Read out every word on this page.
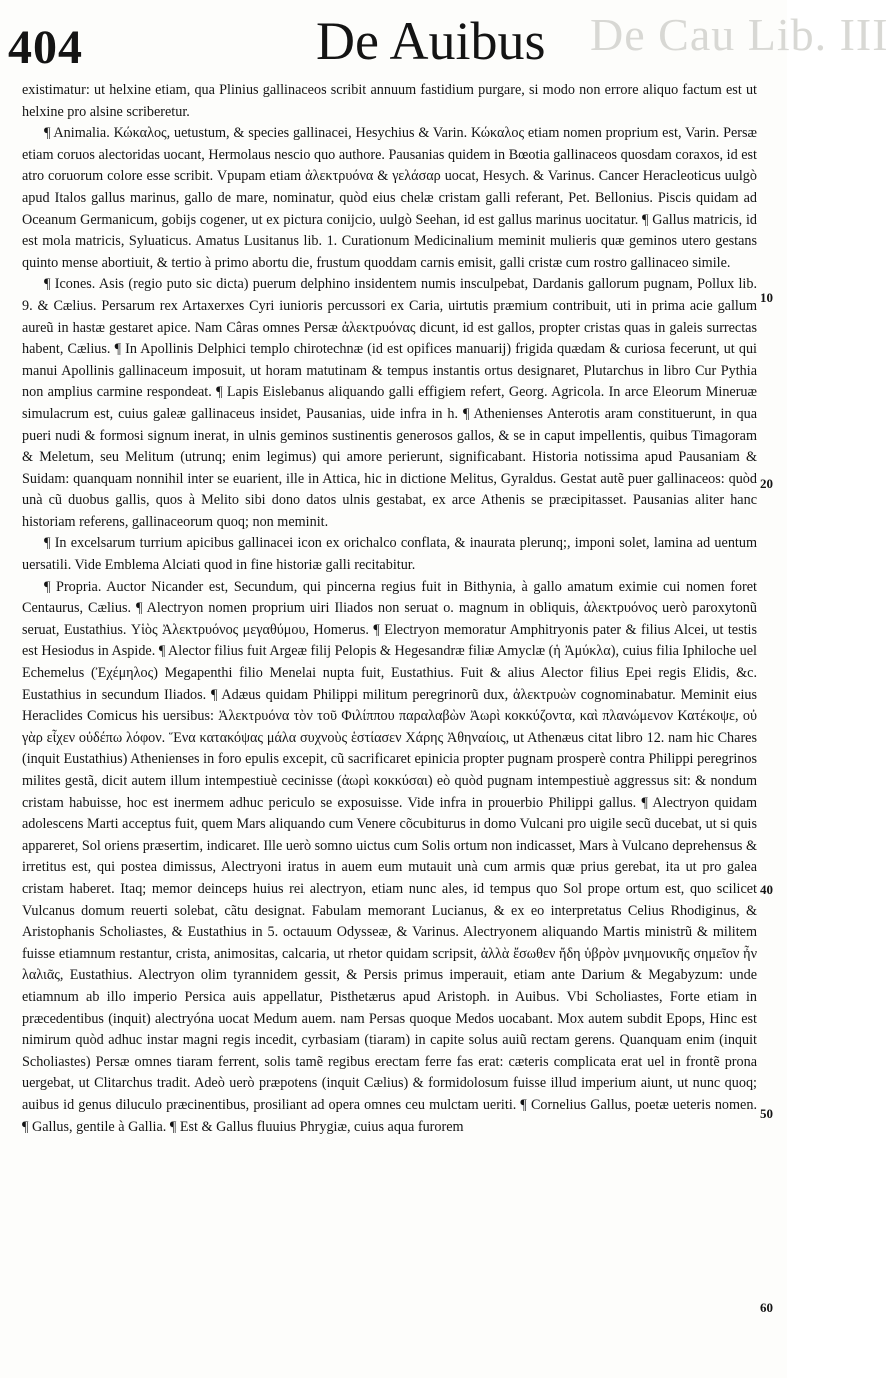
De Cau Lib. III
404	De Auibus

existimatur: ut helxine etiam, qua Plinius gallinaceos scribit annuum fastidium purgare, si modo non errore aliquo factum est ut helxine pro alsine scriberetur.

¶ Animalia. Κώκαλος, uetustum, & species gallinacei, Hesychius & Varin. Κώκαλος etiam nomen proprium est, Varin. Persæ etiam coruos alectoridas uocant, Hermolaus nescio quo authore. Pausanias quidem in Bœotia gallinaceos quosdam coraxos, id est atro coruorum colore esse scribit. Vpupam etiam ἀλεκτρυόνα & γελάσαρ uocat, Hesych. & Varinus. Cancer Heracleoticus uulgò apud Italos gallus marinus, gallo de mare, nominatur, quòd eius chelæ cristam galli referant, Pet. Bellonius. Piscis quidam ad Oceanum Germanicum, gobijs cogener, ut ex pictura conijcio, uulgò Seehan, id est gallus marinus uocitatur. ¶ Gallus matricis, id est mola matricis, Syluaticus. Amatus Lusitanus lib. 1. Curationum Medicinalium meminit mulieris quæ geminos utero gestans quinto mense abortiuit, & tertio à primo abortu die, frustum quoddam carnis emisit, galli cristæ cum rostro gallinaceo simile.

¶ Icones. Asis (regio puto sic dicta) puerum delphino insidentem numis insculpebat, Dardanis gallorum pugnam, Pollux lib. 9. & Cælius. Persarum rex Artaxerxes Cyri iunioris percussori ex Caria, uirtutis præmium contribuit, uti in prima acie gallum aureũ in hastæ gestaret apice. Nam Câras omnes Persæ ἀλεκτρυόνας dicunt, id est gallos, propter cristas quas in galeis surrectas habent, Cælius. ¶ In Apollinis Delphici templo chirotechnæ (id est opifices manuarij) frigida quædam & curiosa fecerunt, ut qui manui Apollinis gallinaceum imposuit, ut horam matutinam & tempus instantis ortus designaret, Plutarchus in libro Cur Pythia non amplius carmine respondeat. ¶ Lapis Eislebanus aliquando galli effigiem refert, Georg. Agricola. In arce Eleorum Mineruæ simulacrum est, cuius galeæ gallinaceus insidet, Pausanias, uide infra in h. ¶ Athenienses Anterotis aram constituerunt, in qua pueri nudi & formosi signum inerat, in ulnis geminos sustinentis generosos gallos, & se in caput impellentis, quibus Timagoram & Meletum, seu Melitum (utrunq; enim legimus) qui amore perierunt, significabant. Historia notissima apud Pausaniam & Suidam: quanquam nonnihil inter se euarient, ille in Attica, hic in dictione Melitus, Gyraldus. Gestat autẽ puer gallinaceos: quòd unà cũ duobus gallis, quos à Melito sibi dono datos ulnis gestabat, ex arce Athenis se præcipitasset. Pausanias aliter hanc historiam referens, gallinaceorum quoq; non meminit.

¶ In excelsarum turrium apicibus gallinacei icon ex orichalco conflata, & inaurata plerunq;, imponi solet, lamina ad uentum uersatili. Vide Emblema Alciati quod in fine historiæ galli recitabitur.

¶ Propria. Auctor Nicander est, Secundum, qui pincerna regius fuit in Bithynia, à gallo amatum eximie cui nomen foret Centaurus, Cælius. ¶ Alectryon nomen proprium uiri Iliados non seruat o. magnum in obliquis, ἀλεκτρυόνος uerò paroxytonũ seruat, Eustathius. Υἱὸς Ἀλεκτρυόνος μεγαθύμου, Homerus. ¶ Electryon memoratur Amphitryonis pater & filius Alcei, ut testis est Hesiodus in Aspide. ¶ Alector filius fuit Argeæ filij Pelopis & Hegesandræ filiæ Amyclæ (ἡ Ἀμύκλα), cuius filia Iphiloche uel Echemelus (Ἐχέμηλος) Megapenthi filio Menelai nupta fuit, Eustathius. Fuit & alius Alector filius Epei regis Elidis, &c. Eustathius in secundum Iliados. ¶ Adæus quidam Philippi militum peregrinorũ dux, ἀλεκτρυὼν cognominabatur. Meminit eius Heraclides Comicus his uersibus: Ἀλεκτρυόνα τὸν τοῦ Φιλίππου παραλαβὼν Ἀωρὶ κοκκύζοντα, καὶ πλανώμενον Κατέκοψε, οὐ γὰρ εἶχεν οὐδέπω λόφον. Ἕνα κατακόψας μάλα συχνοὺς ἑστίασεν Χάρης Ἀθηναίοις, ut Athenæus citat libro 12. nam hic Chares (inquit Eustathius) Athenienses in foro epulis excepit, cũ sacrificaret epinicia propter pugnam prosperè contra Philippi peregrinos milites gestã, dicit autem illum intempestiuè cecinisse (ἀωρὶ κοκκύσαι) eò quòd pugnam intempestiuè aggressus sit: & nondum cristam habuisse, hoc est inermem adhuc periculo se exposuisse. Vide infra in prouerbio Philippi gallus. ¶ Alectryon quidam adolescens Marti acceptus fuit, quem Mars aliquando cum Venere cõcubiturus in domo Vulcani pro uigile secũ ducebat, ut si quis appareret, Sol oriens præsertim, indicaret. Ille uerò somno uictus cum Solis ortum non indicasset, Mars à Vulcano deprehensus & irretitus est, qui postea dimissus, Alectryoni iratus in auem eum mutauit unà cum armis quæ prius gerebat, ita ut pro galea cristam haberet. Itaq; memor deinceps huius rei alectryon, etiam nunc ales, id tempus quo Sol prope ortum est, quo scilicet Vulcanus domum reuerti solebat, cãtu designat. Fabulam memorant Lucianus, & ex eo interpretatus Celius Rhodiginus, & Aristophanis Scholiastes, & Eustathius in 5. octauum Odysseæ, & Varinus. Alectryonem aliquando Martis ministrũ & militem fuisse etiamnum restantur, crista, animositas, calcaria, ut rhetor quidam scripsit, ἀλλὰ ἔσωθεν ἤδη ὑβρὸν μνημονικῆς σημεῖον ἦν λαλιᾶς, Eustathius. Alectryon olim tyrannidem gessit, & Persis primus imperauit, etiam ante Darium & Megabyzum: unde etiamnum ab illo imperio Persica auis appellatur, Pisthetærus apud Aristoph. in Auibus. Vbi Scholiastes, Forte etiam in præcedentibus (inquit) alectryóna uocat Medum auem. nam Persas quoque Medos uocabant. Mox autem subdit Epops, Hinc est nimirum quòd adhuc instar magni regis incedit, cyrbasiam (tiaram) in capite solus auiũ rectam gerens. Quanquam enim (inquit Scholiastes) Persæ omnes tiaram ferrent, solis tamẽ regibus erectam ferre fas erat: cæteris complicata erat uel in frontẽ prona uergebat, ut Clitarchus tradit. Adeò uerò præpotens (inquit Cælius) & formidolosum fuisse illud imperium aiunt, ut nunc quoq; auibus id genus diluculo præcinentibus, prosiliant ad opera omnes ceu mulctam ueriti. ¶ Cornelius Gallus, poetæ ueteris nomen. ¶ Gallus, gentile à Gallia. ¶ Est & Gallus fluuius Phrygiæ, cuius aqua furorem

10
20
40
50
60
